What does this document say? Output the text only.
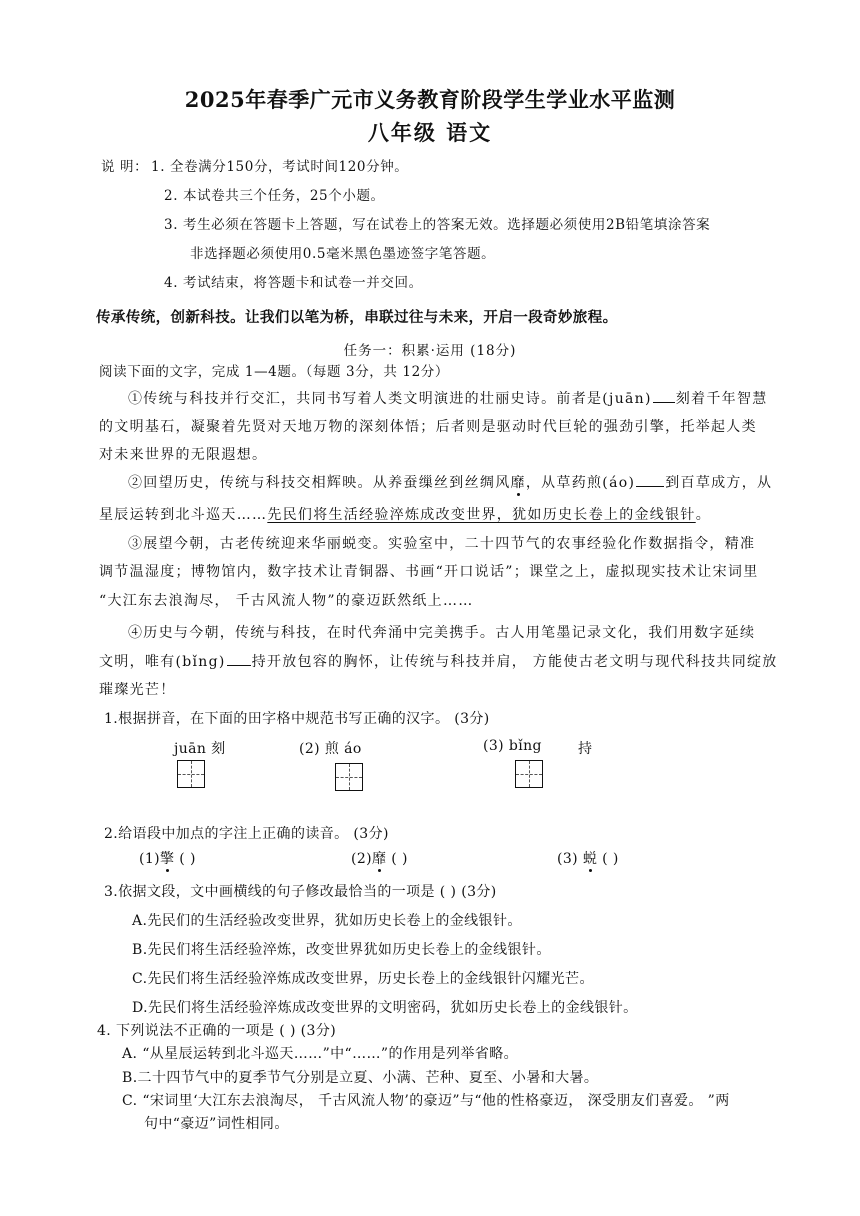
2025年春季广元市义务教育阶段学生学业水平监测
八年级 语文
说 明： 1. 全卷满分150分，考试时间120分钟。
2. 本试卷共三个任务，25个小题。
3. 考生必须在答题卡上答题，写在试卷上的答案无效。选择题必须使用2B铅笔填涂答案
非选择题必须使用0.5毫米黑色墨迹签字笔答题。
4. 考试结束，将答题卡和试卷一并交回。
传承传统，创新科技。让我们以笔为桥，串联过往与未来，开启一段奇妙旅程。
任务一：积累·运用 (18分)
阅读下面的文字，完成 1—4题。（每题 3分，共 12分）
①传统与科技并行交汇，共同书写着人类文明演进的壮丽史诗。前者是(juān) 刻着千年智慧
的文明基石，凝聚着先贤对天地万物的深刻体悟；后者则是驱动时代巨轮的强劲引擎，托举起人类
对未来世界的无限遐想。
②回望历史，传统与科技交相辉映。从养蚕缫丝到丝绸风靡，从草药煎(áo) 到百草成方，从
星辰运转到北斗巡天……先民们将生活经验淬炼成改变世界，犹如历史长卷上的金线银针。
③展望今朝，古老传统迎来华丽蜕变。实验室中，二十四节气的农事经验化作数据指令，精准
调节温湿度；博物馆内，数字技术让青铜器、书画“开口说话”；课堂之上，虚拟现实技术让宋词里
“大江东去浪淘尽， 千古风流人物”的豪迈跃然纸上……
④历史与今朝，传统与科技，在时代奔涌中完美携手。古人用笔墨记录文化，我们用数字延续
文明，唯有(bǐng) 持开放包容的胸怀，让传统与科技并肩， 方能使古老文明与现代科技共同绽放
璀璨光芒！
1.根据拼音，在下面的田字格中规范书写正确的汉字。 (3分)
juān 刻	(2) 煎 áo	(3) bǐng	持
2.给语段中加点的字注上正确的读音。 (3分)
(1)擎 ( )	(2)靡 ( )	(3) 蜕 ( )
3.依据文段，文中画横线的句子修改最恰当的一项是 ( ) (3分)
A.先民们的生活经验改变世界，犹如历史长卷上的金线银针。
B.先民们将生活经验淬炼，改变世界犹如历史长卷上的金线银针。
C.先民们将生活经验淬炼成改变世界，历史长卷上的金线银针闪耀光芒。
D.先民们将生活经验淬炼成改变世界的文明密码，犹如历史长卷上的金线银针。
4. 下列说法不正确的一项是 ( ) (3分)
A. “从星辰运转到北斗巡天……”中“……”的作用是列举省略。
B.二十四节气中的夏季节气分别是立夏、小满、芒种、夏至、小暑和大暑。
C. “宋词里‘大江东去浪淘尽， 千古风流人物’的豪迈”与“他的性格豪迈， 深受朋友们喜爱。 ”两
句中“豪迈”词性相同。
